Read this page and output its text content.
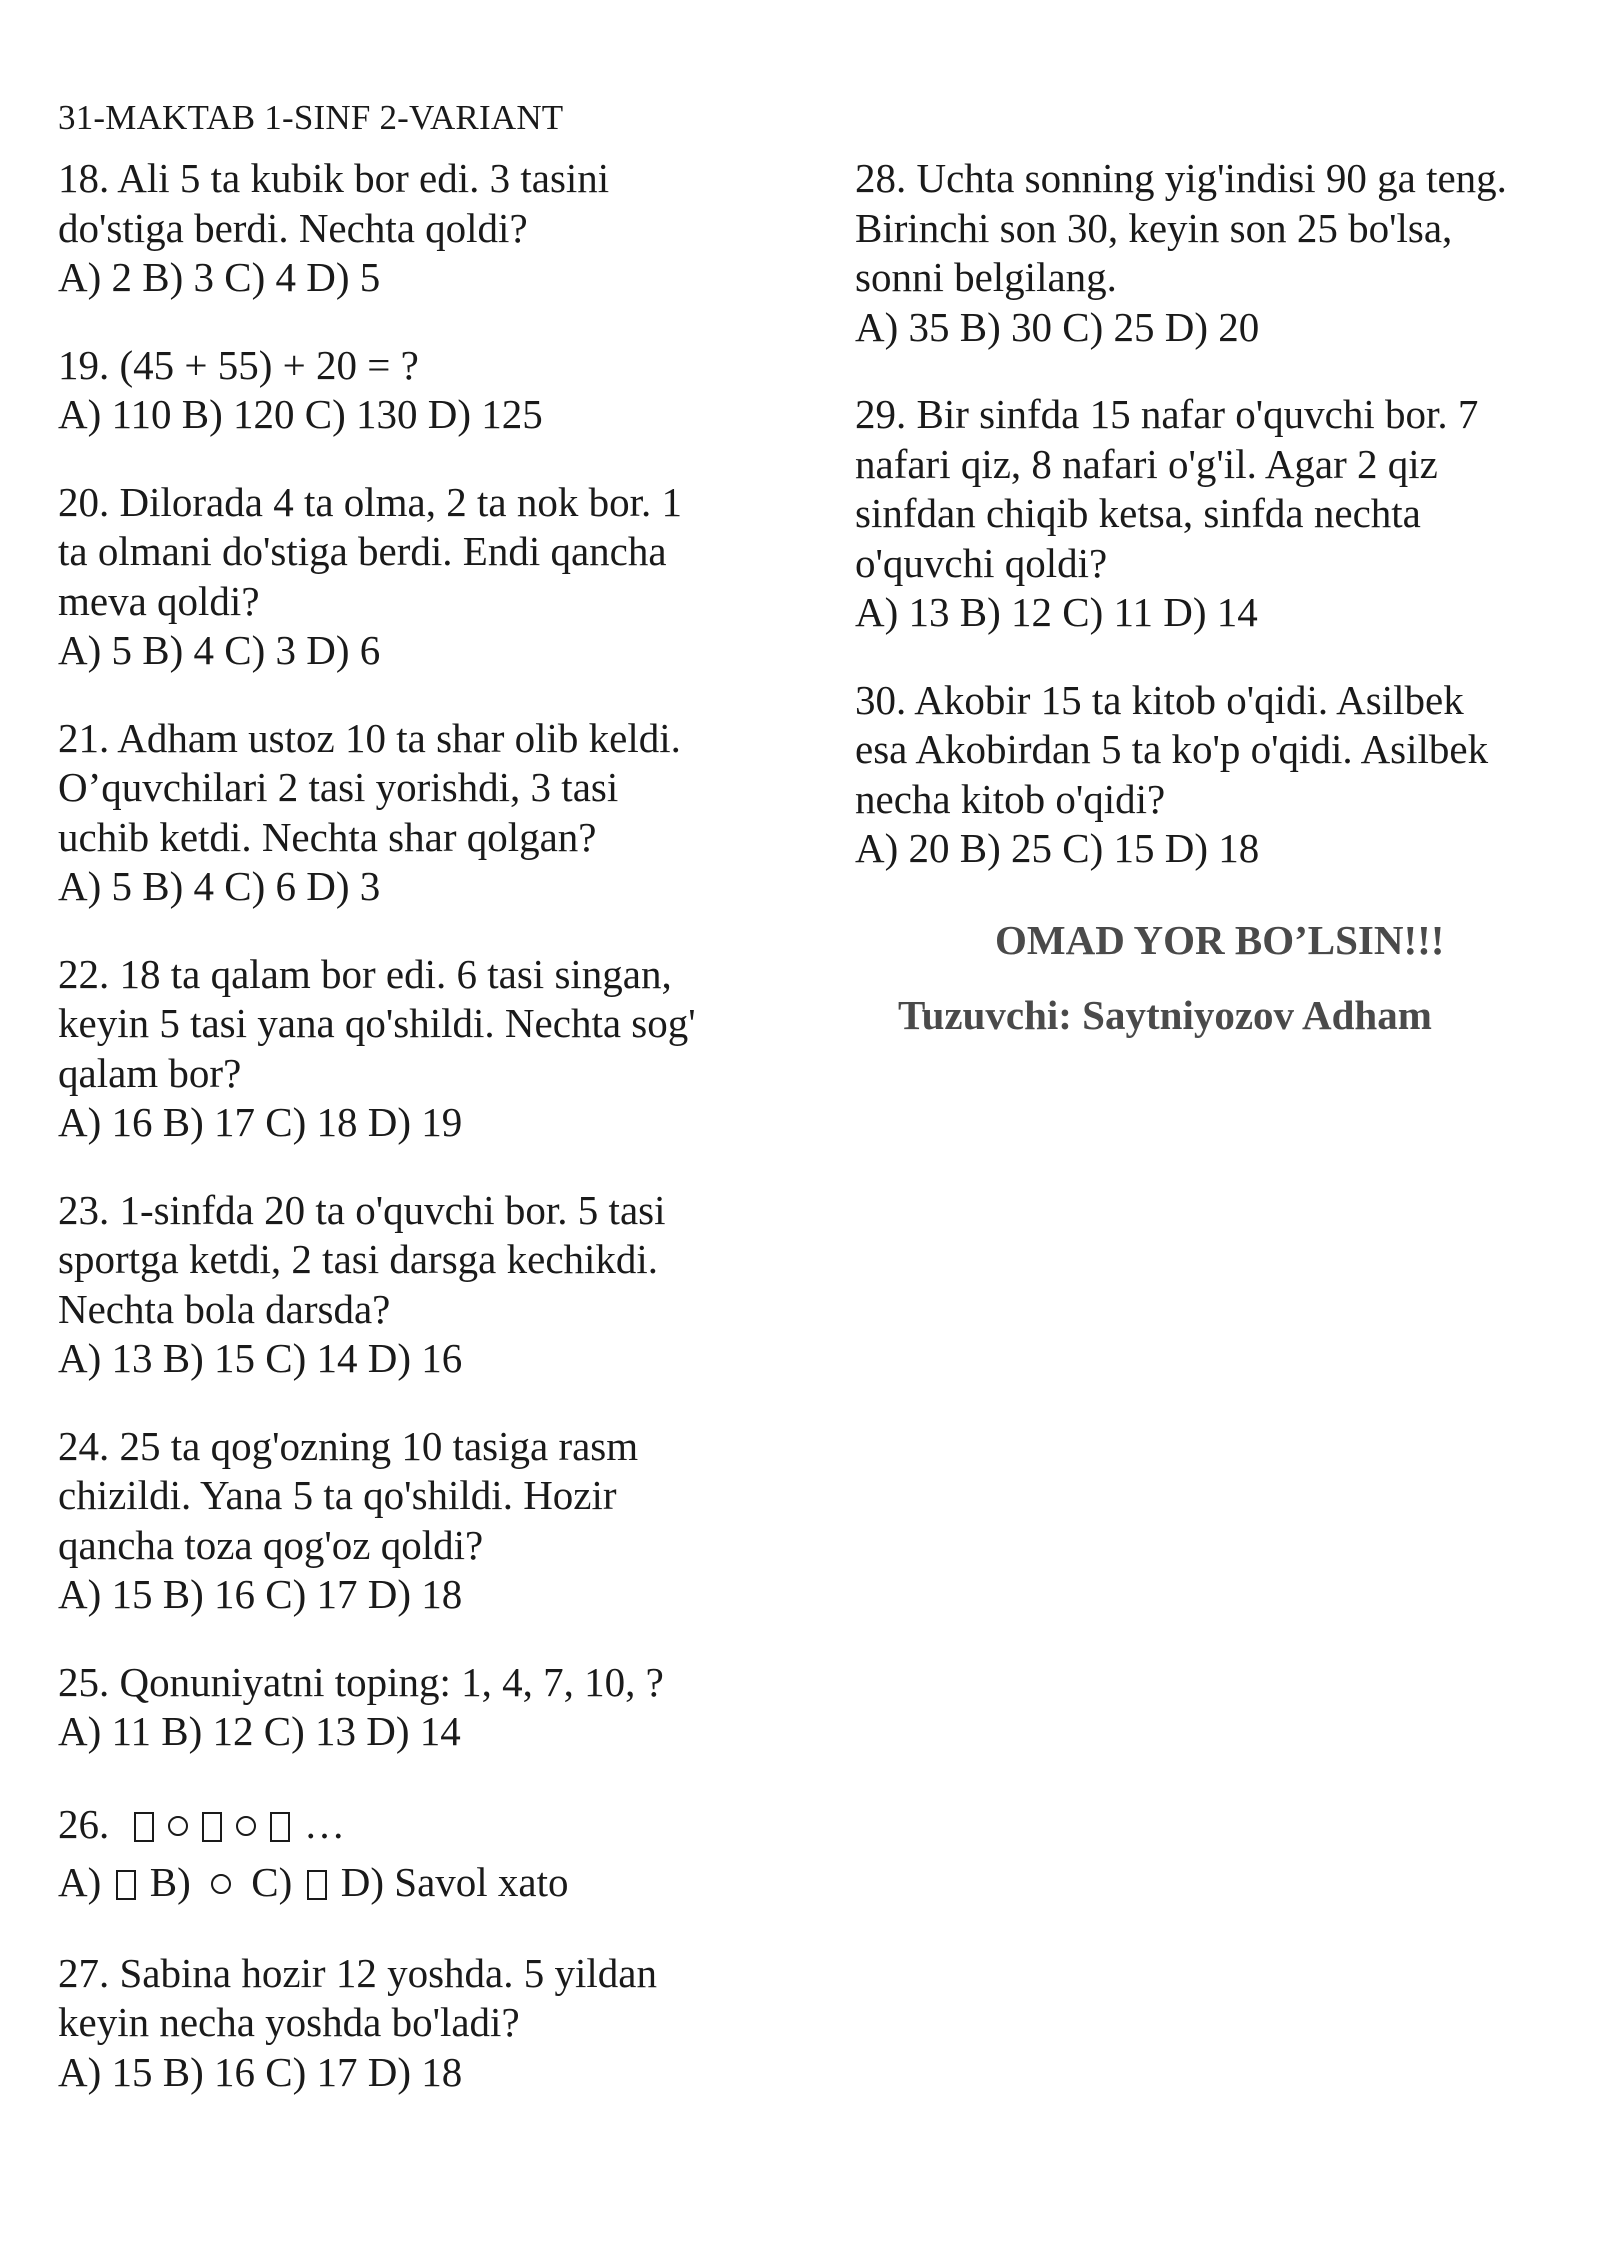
31-MAKTAB 1-SINF 2-VARIANT
18. Ali 5 ta kubik bor edi. 3 tasini
do'stiga berdi. Nechta qoldi?
A) 2 B) 3 C) 4 D) 5
19. (45 + 55) + 20 = ?
A) 110 B) 120 C) 130 D) 125
20. Dilorada 4 ta olma, 2 ta nok bor. 1
ta olmani do'stiga berdi. Endi qancha
meva qoldi?
A) 5 B) 4 C) 3 D) 6
21. Adham ustoz 10 ta shar olib keldi.
O’quvchilari 2 tasi yorishdi, 3 tasi
uchib ketdi. Nechta shar qolgan?
A) 5 B) 4 C) 6 D) 3
22. 18 ta qalam bor edi. 6 tasi singan,
keyin 5 tasi yana qo'shildi. Nechta sog'
qalam bor?
A) 16 B) 17 C) 18 D) 19
23. 1-sinfda 20 ta o'quvchi bor. 5 tasi
sportga ketdi, 2 tasi darsga kechikdi.
Nechta bola darsda?
A) 13 B) 15 C) 14 D) 16
24. 25 ta qog'ozning 10 tasiga rasm
chizildi. Yana 5 ta qo'shildi. Hozir
qancha toza qog'oz qoldi?
A) 15 B) 16 C) 17 D) 18
25. Qonuniyatni toping: 1, 4, 7, 10, ?
A) 11 B) 12 C) 13 D) 14
26.	…
A) B) C) D) Savol xato
27. Sabina hozir 12 yoshda. 5 yildan
keyin necha yoshda bo'ladi?
A) 15 B) 16 C) 17 D) 18
28. Uchta sonning yig'indisi 90 ga teng.
Birinchi son 30, keyin son 25 bo'lsa,
sonni belgilang.
A) 35 B) 30 C) 25 D) 20
29. Bir sinfda 15 nafar o'quvchi bor. 7
nafari qiz, 8 nafari o'g'il. Agar 2 qiz
sinfdan chiqib ketsa, sinfda nechta
o'quvchi qoldi?
A) 13 B) 12 C) 11 D) 14
30. Akobir 15 ta kitob o'qidi. Asilbek
esa Akobirdan 5 ta ko'p o'qidi. Asilbek
necha kitob o'qidi?
A) 20 B) 25 C) 15 D) 18
OMAD YOR BO’LSIN!!!
Tuzuvchi: Saytniyozov Adham
